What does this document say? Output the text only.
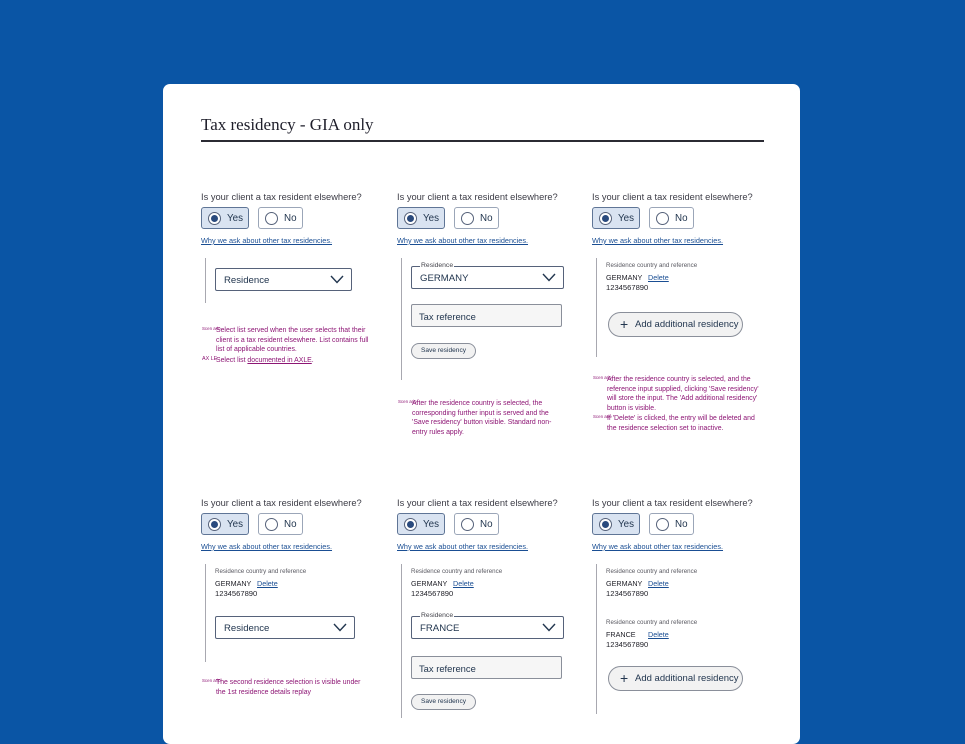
Tax residency - GIA only
Is your client a tax resident elsewhere?
Yes	No
Why we ask about other tax residencies.
Residence
Scen ario
Select list served when the user selects that their client is a tax resident elsewhere. List contains full list of applicable countries.
AX LE
Select list documented in AXLE.
Is your client a tax resident elsewhere?
Yes	No
Why we ask about other tax residencies.
Residence
GERMANY
Tax reference
Save residency
Scen ario
After the residence country is selected, the corresponding further input is served and the 'Save residency' button visible. Standard non-entry rules apply.
Is your client a tax resident elsewhere?
Yes	No
Why we ask about other tax residencies.
Residence country and reference
GERMANY Delete
1234567890
+ Add additional residency
Scen ario
After the residence country is selected, and the reference input supplied, clicking 'Save residency' will store the input. The 'Add additional residency' button is visible.
Scen ario
If 'Delete' is clicked, the entry will be deleted and the residence selection set to inactive.
Is your client a tax resident elsewhere?
Yes	No
Why we ask about other tax residencies.
Residence country and reference
GERMANY Delete
1234567890
Residence
Scen ario
The second residence selection is visible under the 1st residence details replay
Is your client a tax resident elsewhere?
Yes	No
Why we ask about other tax residencies.
Residence country and reference
GERMANY Delete
1234567890
Residence
FRANCE
Tax reference
Save residency
Is your client a tax resident elsewhere?
Yes	No
Why we ask about other tax residencies.
Residence country and reference
GERMANY Delete
1234567890
Residence country and reference
FRANCE Delete
1234567890
+ Add additional residency
